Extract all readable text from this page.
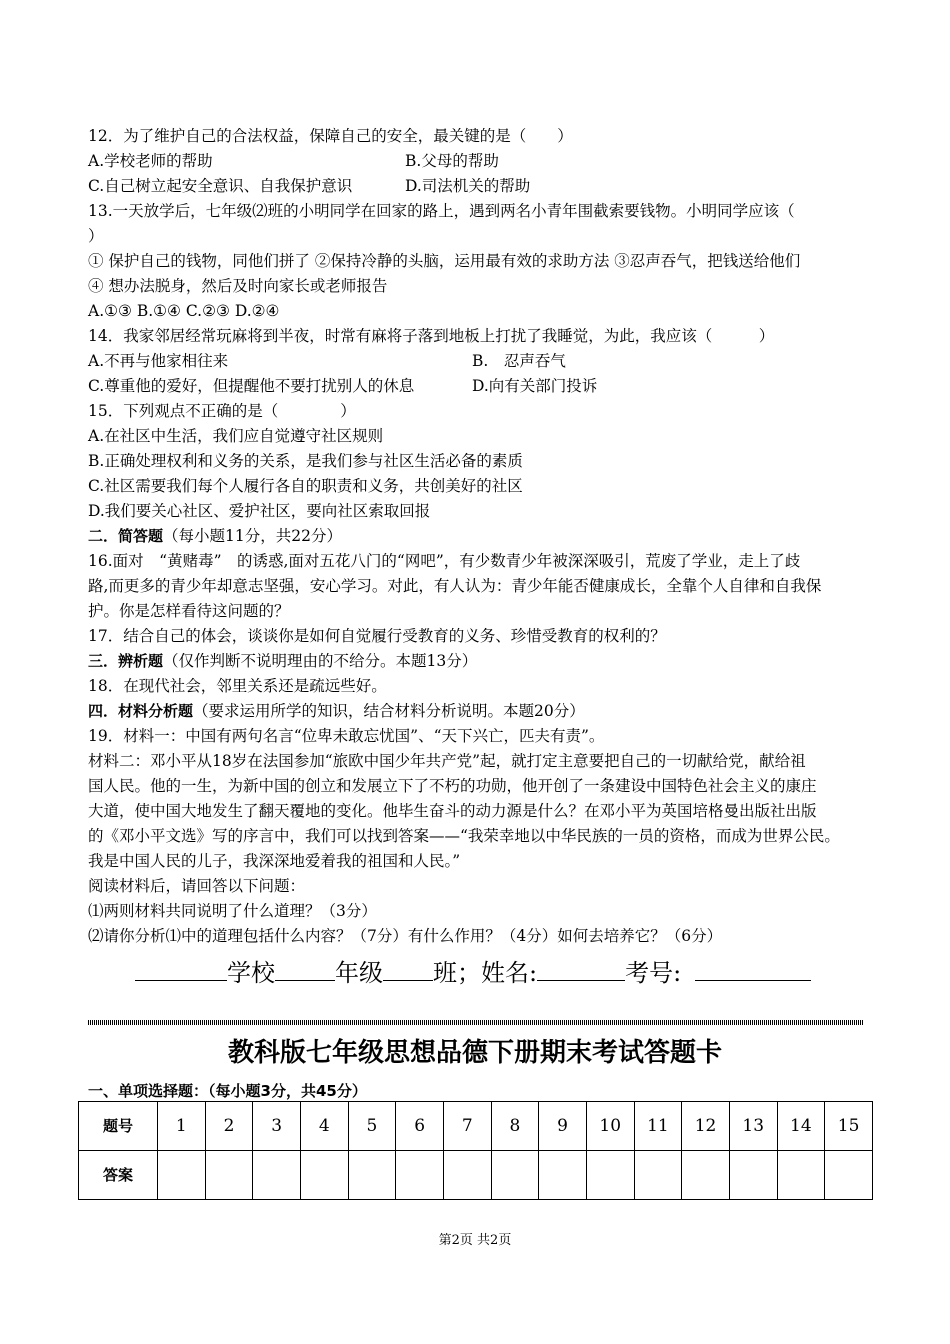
12．为了维护自己的合法权益，保障自己的安全，最关键的是（　　）
A.学校老师的帮助	B.父母的帮助
C.自己树立起安全意识、自我保护意识	D.司法机关的帮助
13.一天放学后，七年级⑵班的小明同学在回家的路上，遇到两名小青年围截索要钱物。小明同学应该（
）
① 保护自己的钱物，同他们拼了 ②保持冷静的头脑，运用最有效的求助方法 ③忍声吞气，把钱送给他们
④ 想办法脱身，然后及时向家长或老师报告
A.①③ B.①④ C.②③ D.②④
14．我家邻居经常玩麻将到半夜，时常有麻将子落到地板上打扰了我睡觉，为此，我应该（　　　）
A.不再与他家相往来	B.　忍声吞气
C.尊重他的爱好，但提醒他不要打扰别人的休息	D.向有关部门投诉
15．下列观点不正确的是（　　　　）
A.在社区中生活，我们应自觉遵守社区规则
B.正确处理权利和义务的关系，是我们参与社区生活必备的素质
C.社区需要我们每个人履行各自的职责和义务，共创美好的社区
D.我们要关心社区、爱护社区，要向社区索取回报
二．简答题（每小题11分，共22分）
16.面对　“黄赌毒”　的诱惑,面对五花八门的“网吧”，有少数青少年被深深吸引，荒废了学业，走上了歧
路,而更多的青少年却意志坚强，安心学习。对此，有人认为：青少年能否健康成长，全靠个人自律和自我保
护。你是怎样看待这问题的？
17．结合自己的体会，谈谈你是如何自觉履行受教育的义务、珍惜受教育的权利的？
三．辨析题（仅作判断不说明理由的不给分。本题13分）
18．在现代社会，邻里关系还是疏远些好。
四．材料分析题（要求运用所学的知识，结合材料分析说明。本题20分）
19．材料一：中国有两句名言“位卑未敢忘忧国”、“天下兴亡，匹夫有责”。
材料二：邓小平从18岁在法国参加“旅欧中国少年共产党”起，就打定主意要把自己的一切献给党，献给祖
国人民。他的一生，为新中国的创立和发展立下了不朽的功勋，他开创了一条建设中国特色社会主义的康庄
大道，使中国大地发生了翻天覆地的变化。他毕生奋斗的动力源是什么？在邓小平为英国培格曼出版社出版
的《邓小平文选》写的序言中，我们可以找到答案——“我荣幸地以中华民族的一员的资格，而成为世界公民。
我是中国人民的儿子，我深深地爱着我的祖国和人民。”
阅读材料后，请回答以下问题：
⑴两则材料共同说明了什么道理？（3分）
⑵请你分析⑴中的道理包括什么内容？（7分）有什么作用？（4分）如何去培养它？（6分）
学校	年级 班；姓名:	考号:
教科版七年级思想品德下册期末考试答题卡
一、单项选择题：（每小题3分，共45分）
题号	1	2	3	4	5	6	7	8	9	10	11	12	13	14	15
答案															
第2页 共2页
